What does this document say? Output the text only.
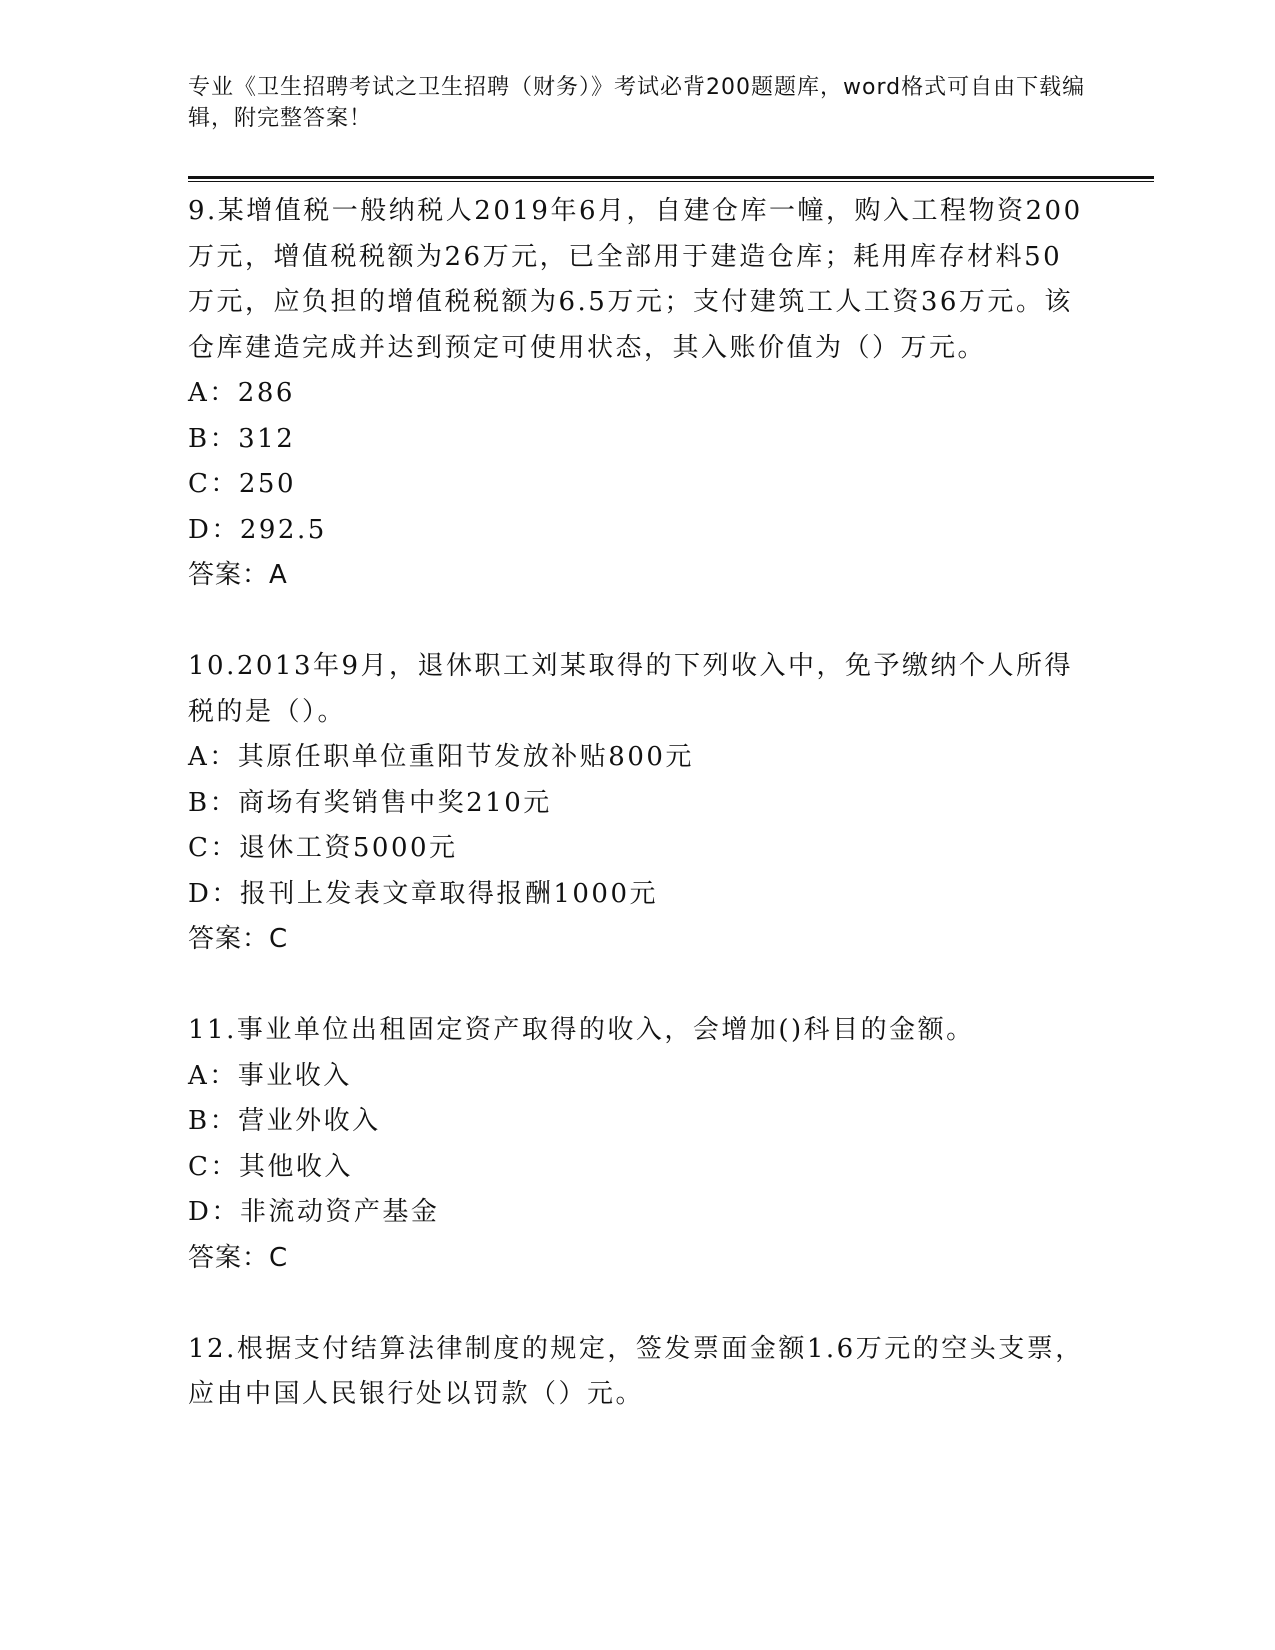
专业《卫生招聘考试之卫生招聘（财务）》考试必背200题题库，word格式可自由下载编辑，附完整答案！

9.某增值税一般纳税人2019年6月，自建仓库一幢，购入工程物资200万元，增值税税额为26万元，已全部用于建造仓库；耗用库存材料50万元，应负担的增值税税额为6.5万元；支付建筑工人工资36万元。该仓库建造完成并达到预定可使用状态，其入账价值为（）万元。

A：286

B：312

C：250

D：292.5

答案：A

10.2013年9月，退休职工刘某取得的下列收入中，免予缴纳个人所得税的是（）。

A：其原任职单位重阳节发放补贴800元

B：商场有奖销售中奖210元

C：退休工资5000元

D：报刊上发表文章取得报酬1000元

答案：C

11.事业单位出租固定资产取得的收入，会增加()科目的金额。

A：事业收入

B：营业外收入

C：其他收入

D：非流动资产基金

答案：C

12.根据支付结算法律制度的规定，签发票面金额1.6万元的空头支票，应由中国人民银行处以罚款（）元。
